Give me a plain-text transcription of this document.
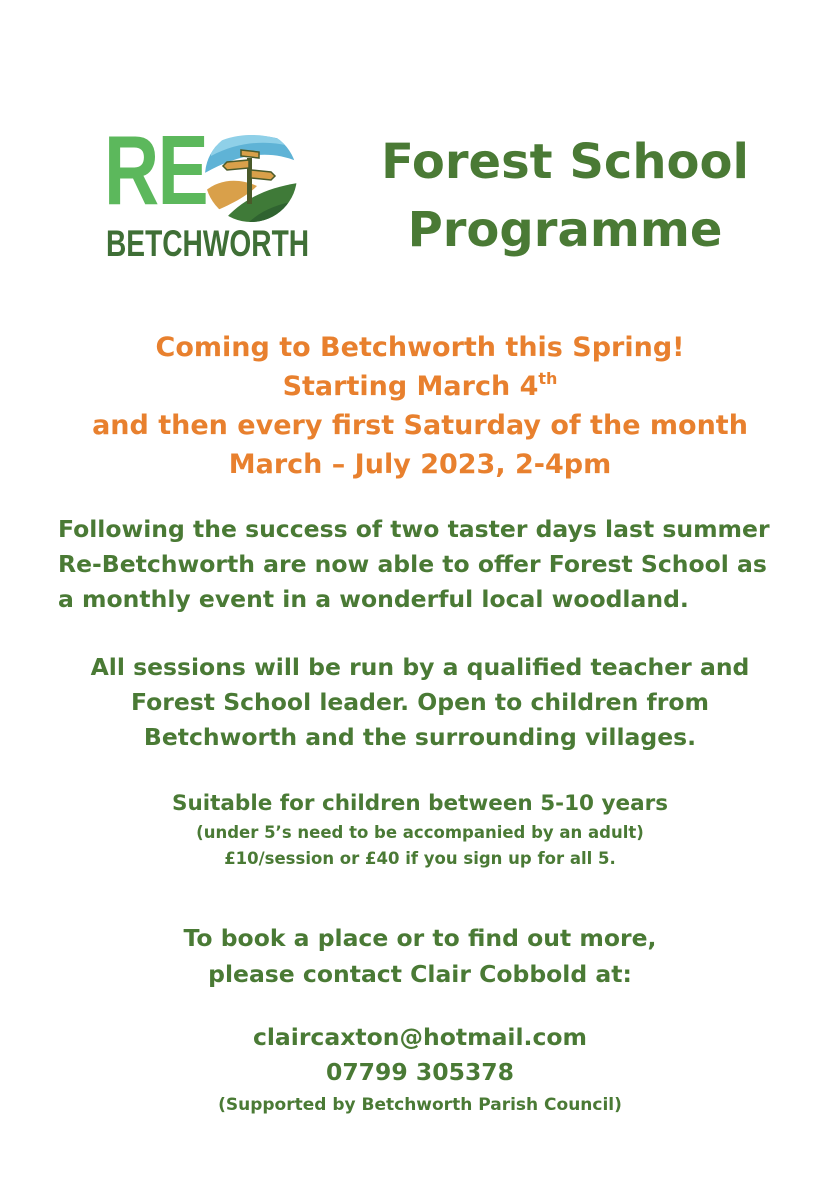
RE
BETCHWORTH
Forest School
Programme
Coming to Betchworth this Spring!
Starting March 4th
and then every first Saturday of the month
March – July 2023, 2-4pm
Following the success of two taster days last summer
Re-Betchworth are now able to offer Forest School as
a monthly event in a wonderful local woodland.
All sessions will be run by a qualified teacher and
Forest School leader. Open to children from
Betchworth and the surrounding villages.
Suitable for children between 5-10 years
(under 5’s need to be accompanied by an adult)
£10/session or £40 if you sign up for all 5.
To book a place or to find out more,
please contact Clair Cobbold at:
claircaxton@hotmail.com
07799 305378
(Supported by Betchworth Parish Council)
